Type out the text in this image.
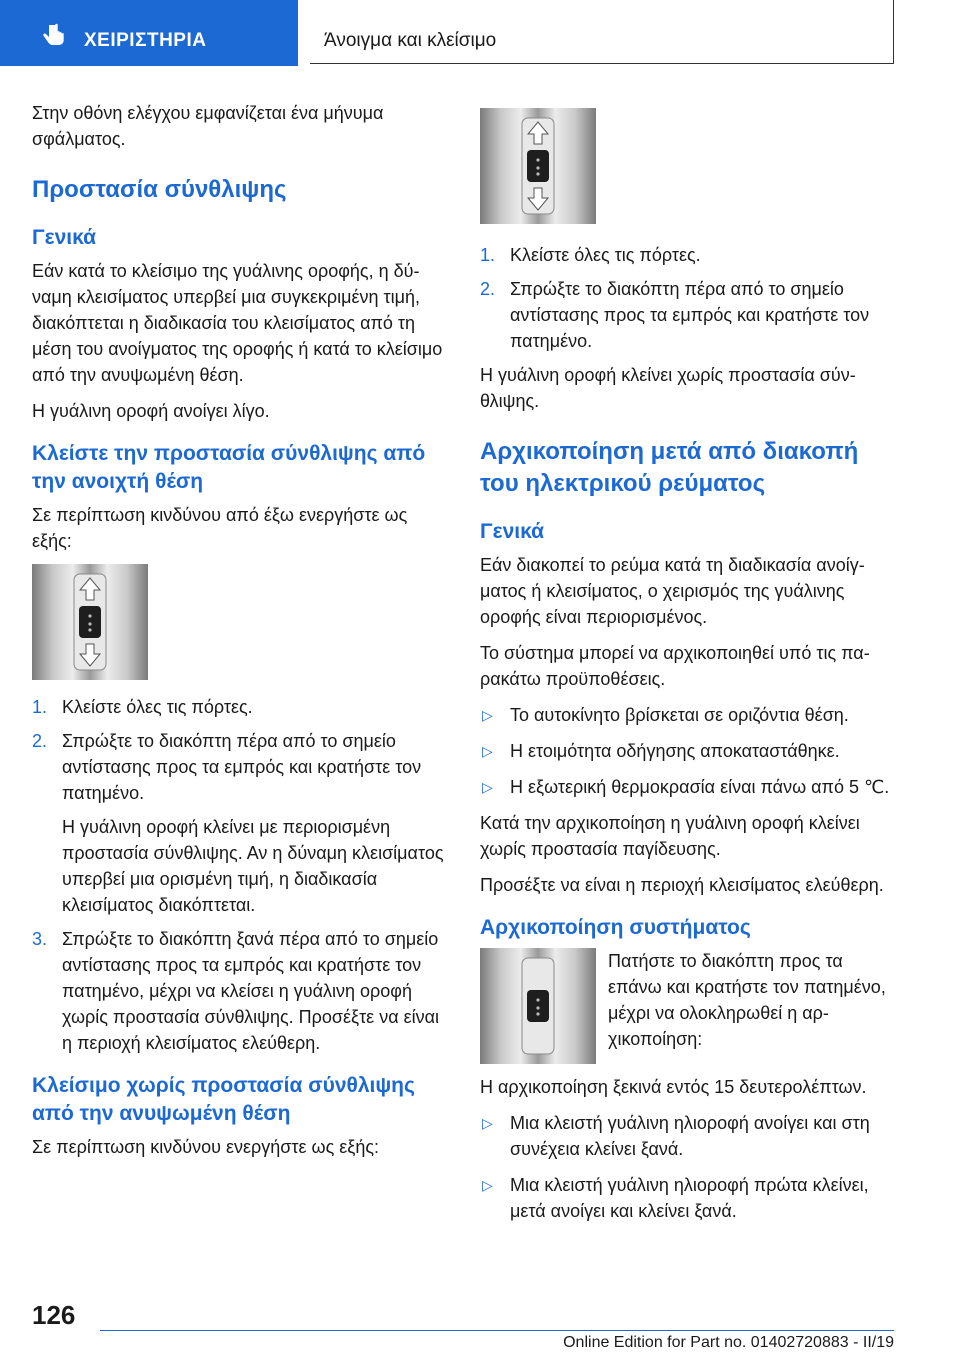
ΧΕΙΡΙΣΤΗΡΙΑ	Άνοιγμα και κλείσιμο

Στην οθόνη ελέγχου εμφανίζεται ένα μήνυμα σφάλματος.

Προστασία σύνθλιψης
Γενικά

Εάν κατά το κλείσιμο της γυάλινης οροφής, η δύναμη κλεισίματος υπερβεί μια συγκεκριμένη τιμή, διακόπτεται η διαδικασία του κλεισίματος από τη μέση του ανοίγματος της οροφής ή κατά το κλείσιμο από την ανυψωμένη θέση.

Η γυάλινη οροφή ανοίγει λίγο.

Κλείστε την προστασία σύνθλιψης από την ανοιχτή θέση

Σε περίπτωση κινδύνου από έξω ενεργήστε ως εξής:

1. Κλείστε όλες τις πόρτες.
2. Σπρώξτε το διακόπτη πέρα από το σημείο αντίστασης προς τα εμπρός και κρατήστε τον πατημένο.
Η γυάλινη οροφή κλείνει με περιορισμένη προστασία σύνθλιψης. Αν η δύναμη κλεισίματος υπερβεί μια ορισμένη τιμή, η διαδικασία κλεισίματος διακόπτεται.
3. Σπρώξτε το διακόπτη ξανά πέρα από το σημείο αντίστασης προς τα εμπρός και κρατήστε τον πατημένο, μέχρι να κλείσει η γυάλινη οροφή χωρίς προστασία σύνθλιψης. Προσέξτε να είναι η περιοχή κλεισίματος ελεύθερη.
Κλείσιμο χωρίς προστασία σύνθλιψης από την ανυψωμένη θέση

Σε περίπτωση κινδύνου ενεργήστε ως εξής:

1. Κλείστε όλες τις πόρτες.
2. Σπρώξτε το διακόπτη πέρα από το σημείο αντίστασης προς τα εμπρός και κρατήστε τον πατημένο.

Η γυάλινη οροφή κλείνει χωρίς προστασία σύνθλιψης.

Αρχικοποίηση μετά από διακοπή του ηλεκτρικού ρεύματος
Γενικά

Εάν διακοπεί το ρεύμα κατά τη διαδικασία ανοίγματος ή κλεισίματος, ο χειρισμός της γυάλινης οροφής είναι περιορισμένος.

Το σύστημα μπορεί να αρχικοποιηθεί υπό τις παρακάτω προϋποθέσεις.

▷ Το αυτοκίνητο βρίσκεται σε οριζόντια θέση.
▷ Η ετοιμότητα οδήγησης αποκαταστάθηκε.
▷ Η εξωτερική θερμοκρασία είναι πάνω από 5 ℃.

Κατά την αρχικοποίηση η γυάλινη οροφή κλείνει χωρίς προστασία παγίδευσης.

Προσέξτε να είναι η περιοχή κλεισίματος ελεύθερη.

Αρχικοποίηση συστήματος

Πατήστε το διακόπτη προς τα επάνω και κρατήστε τον πατημένο, μέχρι να ολοκληρωθεί η αρχικοποίηση:

Η αρχικοποίηση ξεκινά εντός 15 δευτερολέπτων.

▷ Μια κλειστή γυάλινη ηλιοροφή ανοίγει και στη συνέχεια κλείνει ξανά.
▷ Μια κλειστή γυάλινη ηλιοροφή πρώτα κλείνει, μετά ανοίγει και κλείνει ξανά.
126
Online Edition for Part no. 01402720883 - II/19
